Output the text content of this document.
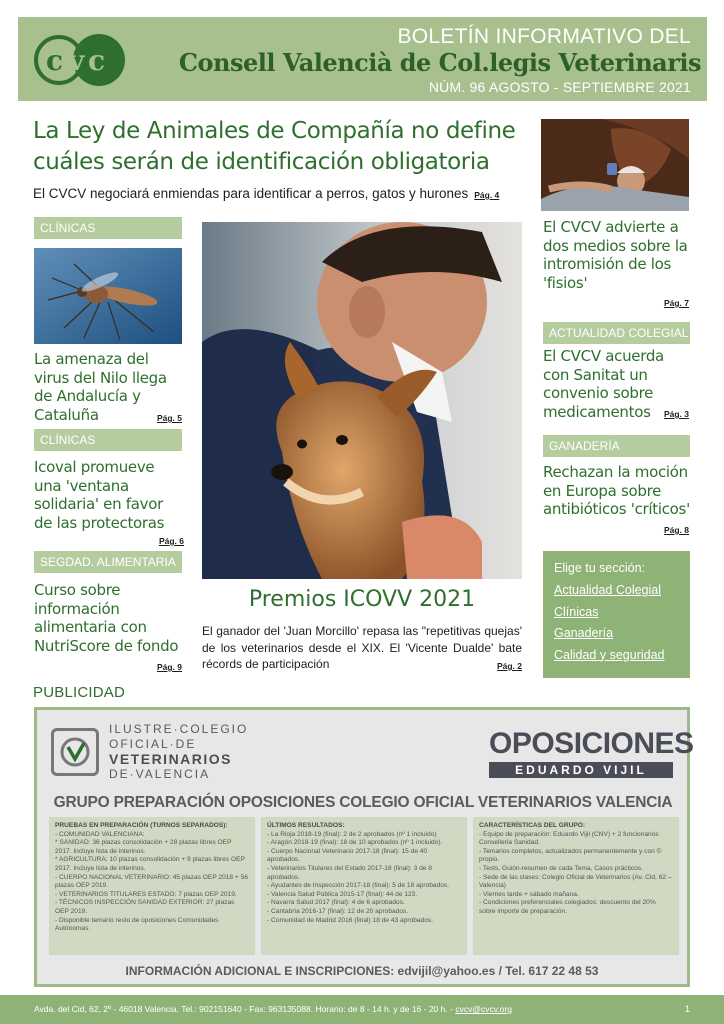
c v c
BOLETÍN INFORMATIVO DEL
Consell Valencià de Col.legis Veterinaris
NÚM. 96 AGOSTO - SEPTIEMBRE 2021
La Ley de Animales de Compañía no define cuáles serán de identificación obligatoria
El CVCV negociará enmiendas para identificar a perros, gatos y hurones Pág. 4
CLÍNICAS
La amenaza del virus del Nilo llega de Andalucía y Cataluña	Pág. 5
CLÍNICAS
Icoval promueve una 'ventana solidaria' en favor de las protectoras
Pág. 6
SEGDAD. ALIMENTARIA
Curso sobre información alimentaria con NutriScore de fondo
Pág. 9
Premios ICOVV 2021
El ganador del 'Juan Morcillo' repasa las "repetitivas quejas' de los veterinarios desde el XIX. El 'Vicente Dualde' bate récords de participación	Pág. 2
El CVCV advierte a dos medios sobre la intromisión de los 'fisios'
Pág. 7
ACTUALIDAD COLEGIAL
El CVCV acuerda con Sanitat un convenio sobre medicamentos	Pág. 3
GANADERÍA
Rechazan la moción en Europa sobre antibióticos 'críticos'
Pág. 8
Elige tu sección:
Actualidad Colegial
Clínicas
Ganadería
Calidad y seguridad
PUBLICIDAD
ILUSTRE·COLEGIO
OFICIAL·DE
VETERINARIOS
DE·VALENCIA
OPOSICIONES
EDUARDO VIJIL
GRUPO PREPARACIÓN OPOSICIONES COLEGIO OFICIAL VETERINARIOS VALENCIA
PRUEBAS EN PREPARACIÓN (TURNOS SEPARADOS):
- COMUNIDAD VALENCIANA:
* SANIDAD: 36 plazas consolidación + 28 plazas libres OEP 2017. Incluye lista de interinos.
* AGRICULTURA: 10 plazas consolidación + 9 plazas libres OEP 2017. Incluye lista de interinos.
- CUERPO NACIONAL VETERINARIO: 45 plazas OEP 2018 + 56 plazas OEP 2019.
- VETERINARIOS TITULARES ESTADO: 7 plazas OEP 2019.
- TÉCNICOS INSPECCIÓN SANIDAD EXTERIOR: 27 plazas OEP 2019.
- Disponible temario resto de oposiciones Comunidades Autónomas.
ÚLTIMOS RESULTADOS:
- La Rioja 2018-19 (final): 2 de 2 aprobados (nº 1 incluido)
- Aragón 2018-19 (final): 18 de 10 aprobados (nº 1 incluido).
- Cuerpo Nacional Veterinario 2017-18 (final): 15 de 40 aprobados.
- Veterinarios Titulares del Estado 2017-18 (final): 3 de 8 aprobados.
- Ayudantes de Inspección 2017-18 (final): 5 de 18 aprobados.
- Valencia Salud Pública 2015-17 (final): 44 de 123.
- Navarra Salud 2017 (final): 4 de 6 aprobados.
- Cantabria 2016-17 (final): 12 de 20 aprobados.
- Comunidad de Madrid 2016 (final) 18 de 43 aprobados.
CARACTERÍSTICAS DEL GRUPO:
- Equipo de preparación: Eduardo Vijil (CNV) + 2 funcionarios Conselleria Sanidad.
- Temarios completos, actualizados permanentemente y con © propio.
- Tests, Guión-resumen de cada Tema, Casos prácticos.
- Sede de las clases: Colegio Oficial de Veterinarios (Av. Cid, 62 – Valencia)
- Viernes tarde + sábado mañana.
- Condiciones preferenciales colegiados: descuento del 20% sobre importe de preparación.
INFORMACIÓN ADICIONAL E INSCRIPCIONES: edvijil@yahoo.es / Tel. 617 22 48 53
Avda. del Cid, 62, 2º - 46018 Valencia. Tel.: 902151640 - Fax: 963135088. Horario: de 8 - 14 h. y de 16 - 20 h. - cvcv@cvcv.org	1
